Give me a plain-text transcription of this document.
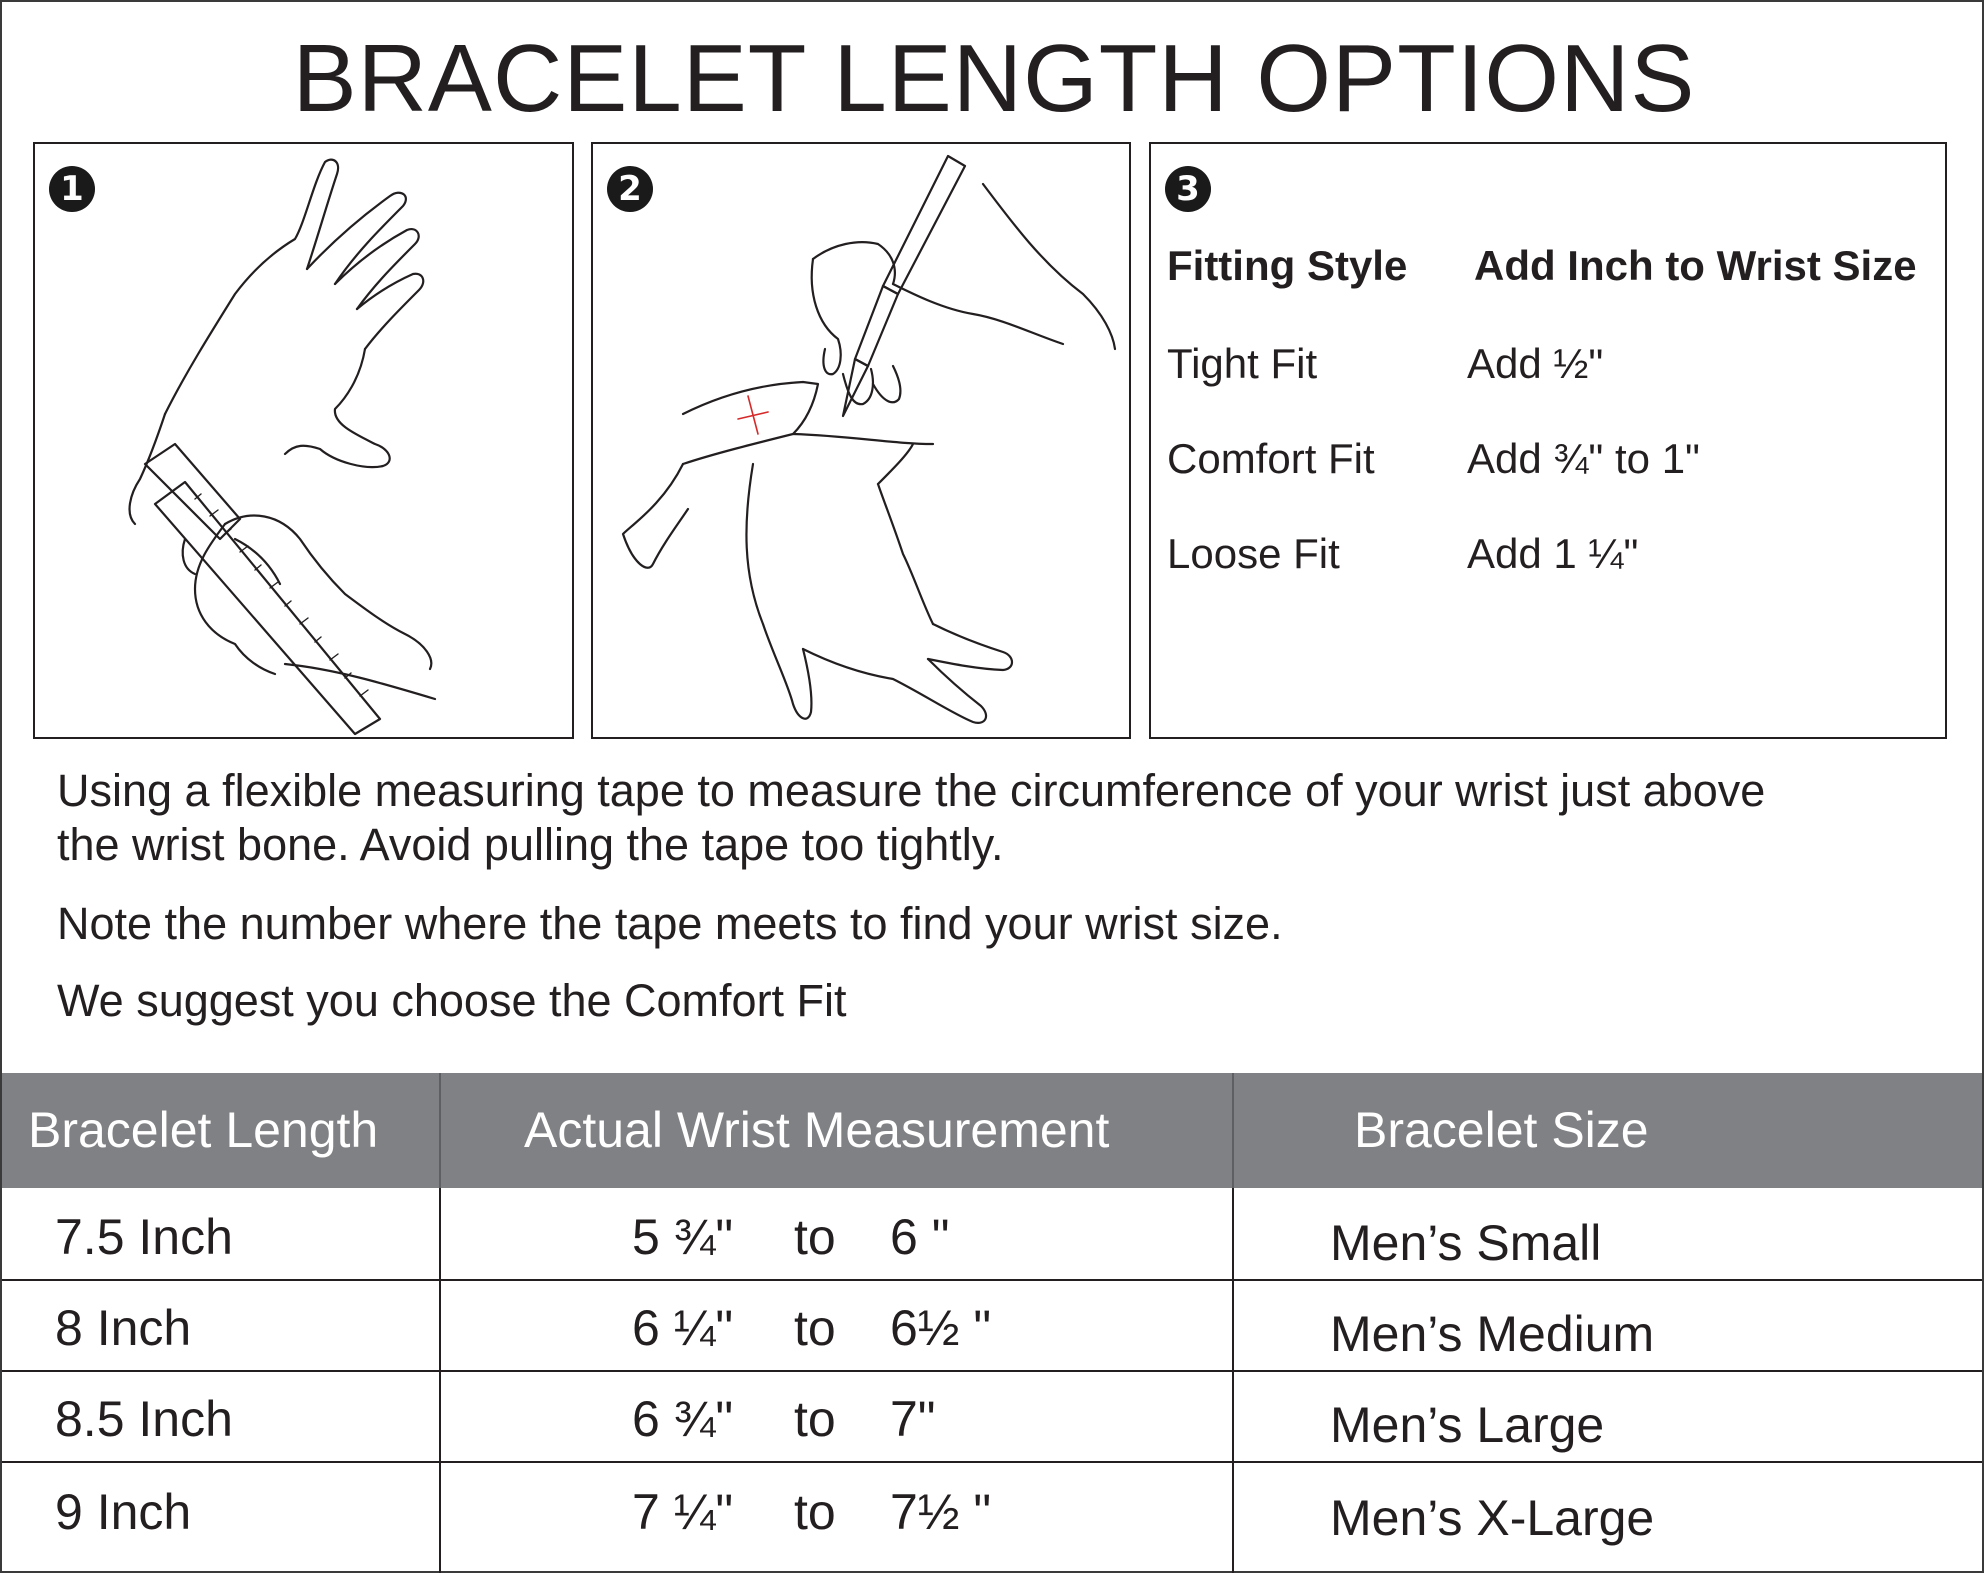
BRACELET LENGTH OPTIONS
1	2	3
Fitting Style Add Inch to Wrist Size
Tight Fit	Add ½"
Comfort Fit Add ¾" to 1"
Loose Fit	Add 1 ¼"
Using a flexible measuring tape to measure the circumference of your wrist just above
the wrist bone. Avoid pulling the tape too tightly.
Note the number where the tape meets to find your wrist size.
We suggest you choose the Comfort Fit
Bracelet Length	Actual Wrist Measurement	Bracelet Size
7.5 Inch	5 ¾" to 6 "	Men’s Small
8 Inch	6 ¼" to 6½ "	Men’s Medium
8.5 Inch	6 ¾" to 7"	Men’s Large
9 Inch	7 ¼" to 7½ "	Men’s X-Large
